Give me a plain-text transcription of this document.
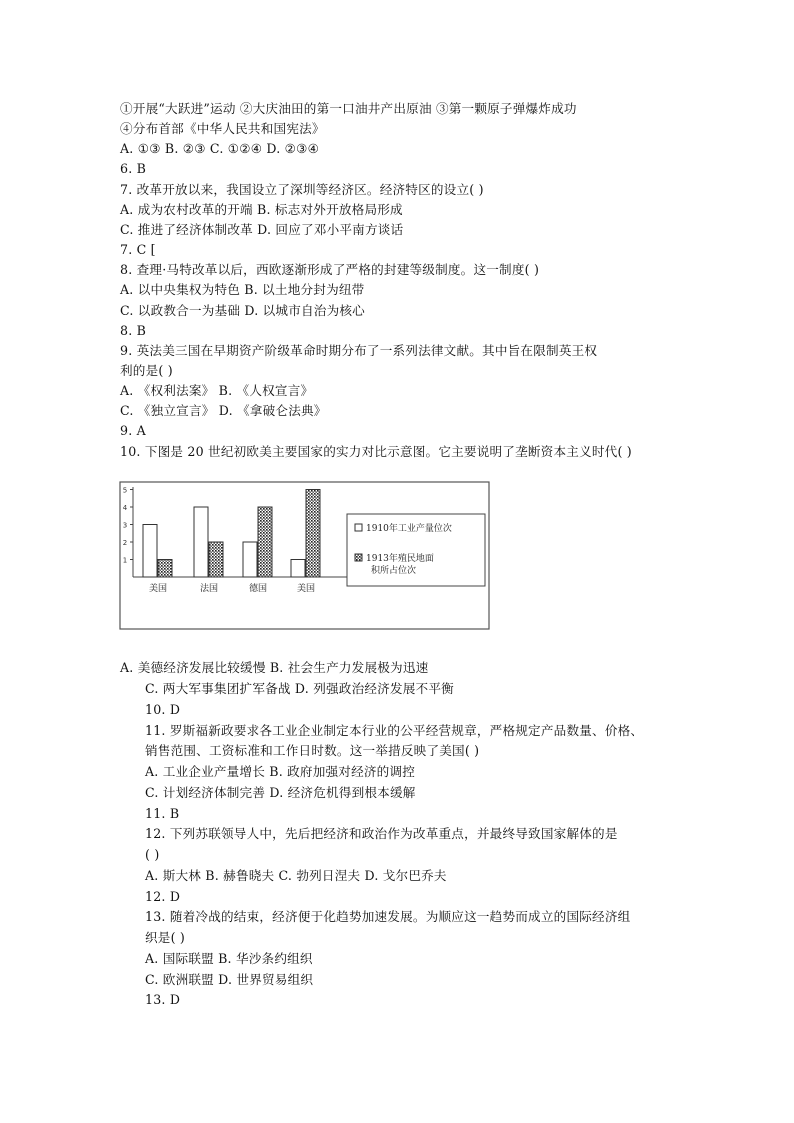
①开展“大跃进”运动 ②大庆油田的第一口油井产出原油 ③第一颗原子弹爆炸成功
④分布首部《中华人民共和国宪法》
A. ①③ B. ②③ C. ①②④ D. ②③④
6. B
7. 改革开放以来，我国设立了深圳等经济区。经济特区的设立( )
A. 成为农村改革的开端 B. 标志对外开放格局形成
C. 推进了经济体制改革 D. 回应了邓小平南方谈话
7. C [
8. 查理·马特改革以后，西欧逐渐形成了严格的封建等级制度。这一制度( )
A. 以中央集权为特色 B. 以土地分封为纽带
C. 以政教合一为基础 D. 以城市自治为核心
8. B
9. 英法美三国在早期资产阶级革命时期分布了一系列法律文献。其中旨在限制英王权
利的是( )
A. 《权利法案》 B. 《人权宣言》
C. 《独立宣言》 D. 《拿破仑法典》
9. A
10. 下图是 20 世纪初欧美主要国家的实力对比示意图。它主要说明了垄断资本主义时代( )
1
2
3
4
5
美国	法国	德国	美国
1910年工业产量位次
1913年殖民地面积所占位次
A. 美德经济发展比较缓慢 B. 社会生产力发展极为迅速
C. 两大军事集团扩军备战 D. 列强政治经济发展不平衡
10. D
11. 罗斯福新政要求各工业企业制定本行业的公平经营规章，严格规定产品数量、价格、
销售范围、工资标准和工作日时数。这一举措反映了美国( )
A. 工业企业产量增长 B. 政府加强对经济的调控
C. 计划经济体制完善 D. 经济危机得到根本缓解
11. B
12. 下列苏联领导人中，先后把经济和政治作为改革重点，并最终导致国家解体的是
( )
A. 斯大林 B. 赫鲁晓夫 C. 勃列日涅夫 D. 戈尔巴乔夫
12. D
13. 随着冷战的结束，经济便于化趋势加速发展。为顺应这一趋势而成立的国际经济组
织是( )
A. 国际联盟 B. 华沙条约组织
C. 欧洲联盟 D. 世界贸易组织
13. D
